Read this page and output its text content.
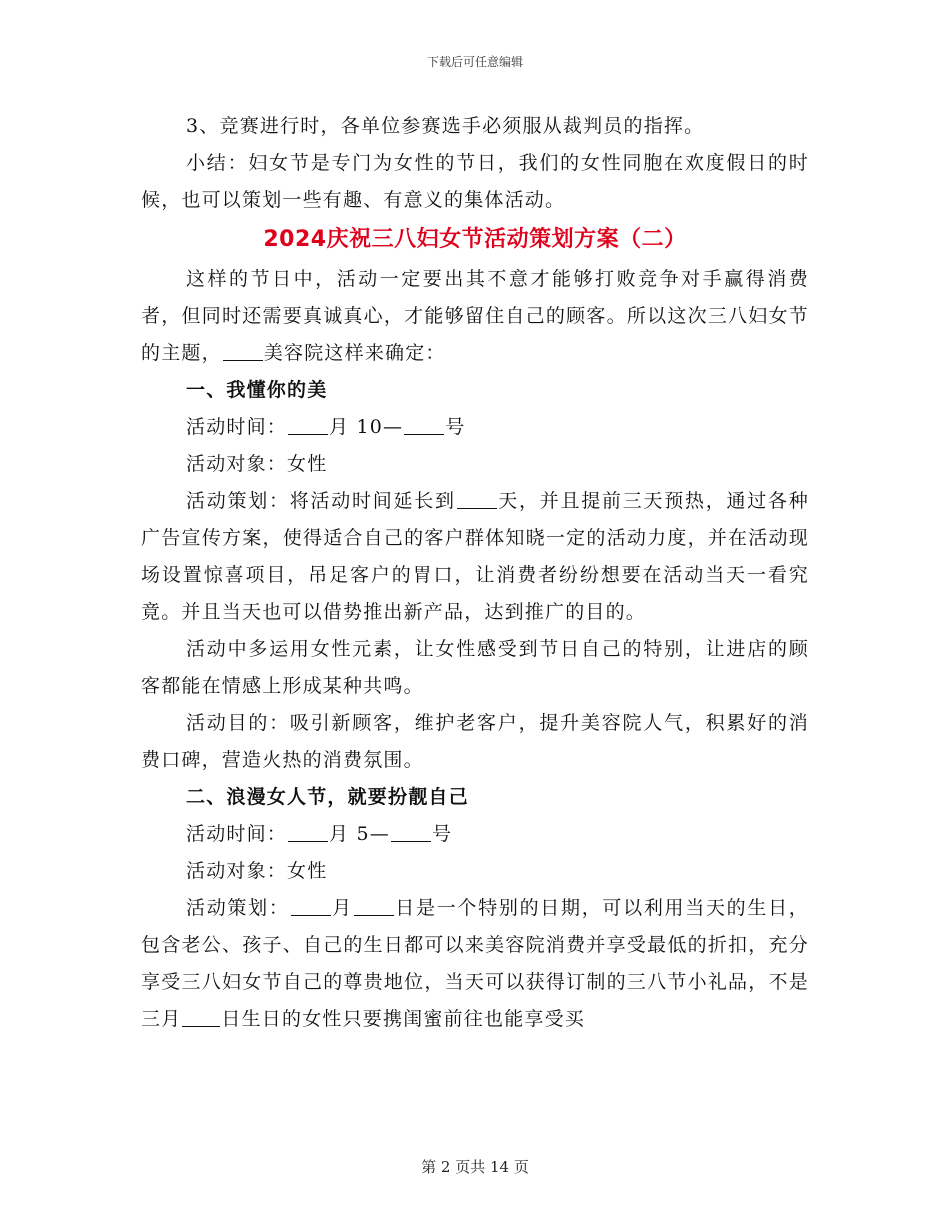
下载后可任意编辑

3、竞赛进行时，各单位参赛选手必须服从裁判员的指挥。

小结：妇女节是专门为女性的节日，我们的女性同胞在欢度假日的时候，也可以策划一些有趣、有意义的集体活动。

2024庆祝三八妇女节活动策划方案（二）

这样的节日中，活动一定要出其不意才能够打败竞争对手赢得消费者，但同时还需要真诚真心，才能够留住自己的顾客。所以这次三八妇女节的主题， 美容院这样来确定：

一、我懂你的美

活动时间： 月 10— 号

活动对象：女性

活动策划：将活动时间延长到 天，并且提前三天预热，通过各种广告宣传方案，使得适合自己的客户群体知晓一定的活动力度，并在活动现场设置惊喜项目，吊足客户的胃口，让消费者纷纷想要在活动当天一看究竟。并且当天也可以借势推出新产品，达到推广的目的。

活动中多运用女性元素，让女性感受到节日自己的特别，让进店的顾客都能在情感上形成某种共鸣。

活动目的：吸引新顾客，维护老客户，提升美容院人气，积累好的消费口碑，营造火热的消费氛围。

二、浪漫女人节，就要扮靓自己

活动时间： 月 5— 号

活动对象：女性

活动策划： 月 日是一个特别的日期，可以利用当天的生日，包含老公、孩子、自己的生日都可以来美容院消费并享受最低的折扣，充分享受三八妇女节自己的尊贵地位，当天可以获得订制的三八节小礼品，不是三月 日生日的女性只要携闺蜜前往也能享受买

第 2 页共 14 页
